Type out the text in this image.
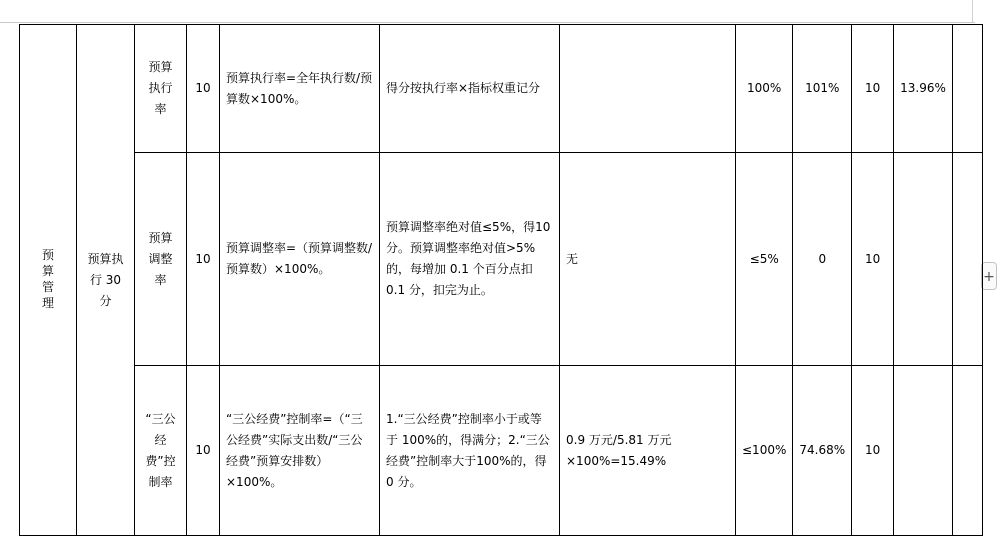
+
预算管理	预算执行 30 分	预算执行率	10	预算执行率=全年执行数/预算数×100%。	得分按执行率×指标权重记分		100%	101%	10	13.96%	
		预算调整率	10	预算调整率=（预算调整数/预算数）×100%。	预算调整率绝对值≤5%，得10分。预算调整率绝对值>5%的，每增加 0.1 个百分点扣 0.1 分，扣完为止。	无	≤5%	0	10		
		“三公经费”控制率	10	“三公经费”控制率=（“三公经费”实际支出数/“三公经费”预算安排数）×100%。	1.“三公经费”控制率小于或等于 100%的，得满分；2.“三公经费”控制率大于100%的，得 0 分。	0.9 万元/5.81 万元×100%=15.49%	≤100%	74.68%	10		
